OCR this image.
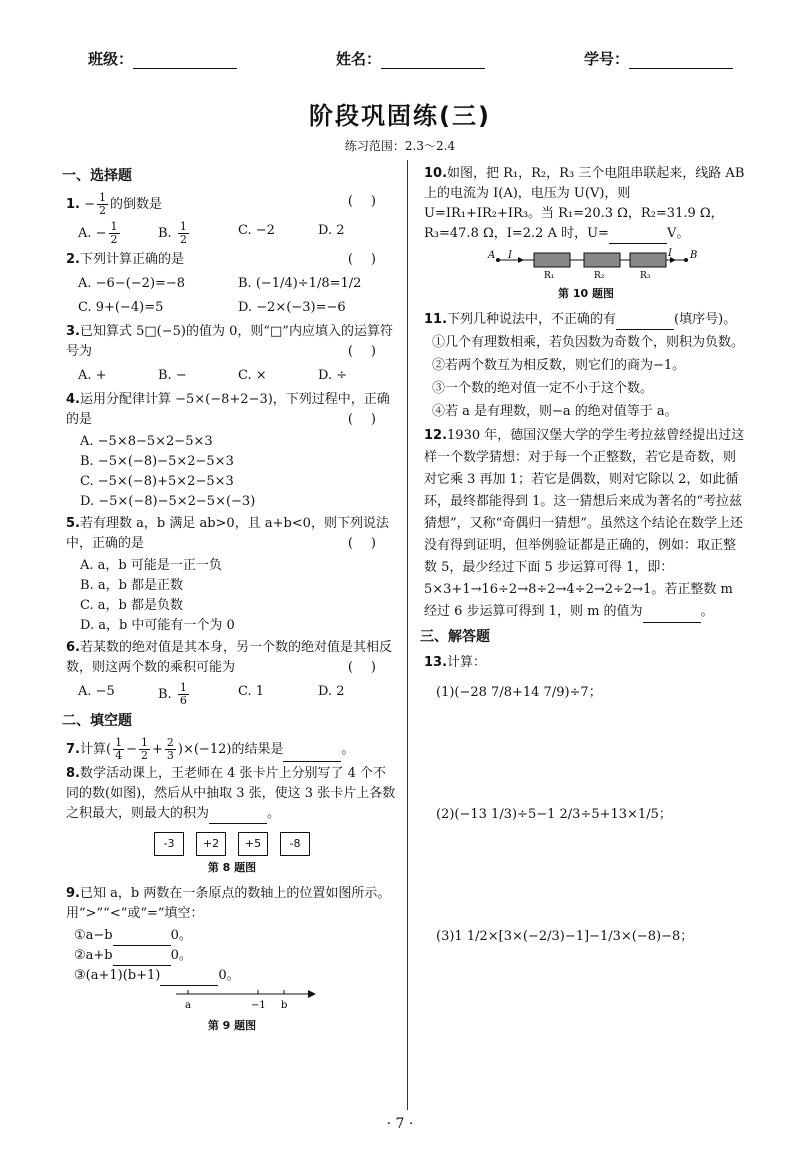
班级：	姓名：	学号：
阶段巩固练(三)
练习范围：2.3～2.4
一、选择题
1. − $\frac{1}{2}$ 的倒数是	()
A. − $\frac{1}{2}$	B. $\frac{1}{2}$	C. −2	D. 2
2.下列计算正确的是	()
A. −6−(−2)=−8	B. (−1/4)÷1/8=1/2
C. 9+(−4)=5	D. −2×(−3)=−6
3.已知算式 5□(−5)的值为 0，则“□”内应填入的运算符号为	()
A. +	B. −	C. ×	D. ÷
4.运用分配律计算 −5×(−8+2−3)，下列过程中，正确的是	()
A. −5×8−5×2−5×3
B. −5×(−8)−5×2−5×3
C. −5×(−8)+5×2−5×3
D. −5×(−8)−5×2−5×(−3)
5.若有理数 a，b 满足 ab>0，且 a+b<0，则下列说法中，正确的是	()
A. a，b 可能是一正一负
B. a，b 都是正数
C. a，b 都是负数
D. a，b 中可能有一个为 0
6.若某数的绝对值是其本身，另一个数的绝对值是其相反数，则这两个数的乘积可能为	()
A. −5	B. $\frac{1}{6}$	C. 1	D. 2
二、填空题
7.计算( $\frac{1}{4} - \frac{1}{2} + \frac{2}{3} )\times(-12)$的结果是	。
8.数学活动课上，王老师在 4 张卡片上分别写了 4 个不同的数(如图)，然后从中抽取 3 张，使这 3 张卡片上各数之积最大，则最大的积为	。
-3	+2	+5	-8
第 8 题图
9.已知 a，b 两数在一条原点的数轴上的位置如图所示。用“>”“<”或“=”填空：
①a−b	0。
②a+b	0。
③(a+1)(b+1)	0。
a	−1 b
第 9 题图
10.如图，把 R₁，R₂，R₃ 三个电阻串联起来，线路 AB 上的电流为 I(A)，电压为 U(V)，则 U=IR₁+IR₂+IR₃。当 R₁=20.3 Ω，R₂=31.9 Ω，R₃=47.8 Ω，I=2.2 A 时，U=	V。
A I	I B
R₁	R₂	R₃
第 10 题图
11.下列几种说法中，不正确的有	(填序号)。
①几个有理数相乘，若负因数为奇数个，则积为负数。
②若两个数互为相反数，则它们的商为−1。
③一个数的绝对值一定不小于这个数。
④若 a 是有理数，则−a 的绝对值等于 a。
12.1930 年，德国汉堡大学的学生考拉兹曾经提出过这样一个数学猜想：对于每一个正整数，若它是奇数，则对它乘 3 再加 1；若它是偶数，则对它除以 2，如此循环，最终都能得到 1。这一猜想后来成为著名的“考拉兹猜想”，又称“奇偶归一猜想”。虽然这个结论在数学上还没有得到证明，但举例验证都是正确的，例如：取正整数 5，最少经过下面 5 步运算可得 1，即：5×3+1→16÷2→8÷2→4÷2→2÷2→1。若正整数 m 经过 6 步运算可得到 1，则 m 的值为	。
三、解答题
13.计算：
(1)(−28 7/8+14 7/9)÷7；
(2)(−13 1/3)÷5−1 2/3÷5+13×1/5；
(3)1 1/2×[3×(−2/3)−1]−1/3×(−8)−8；
· 7 ·
